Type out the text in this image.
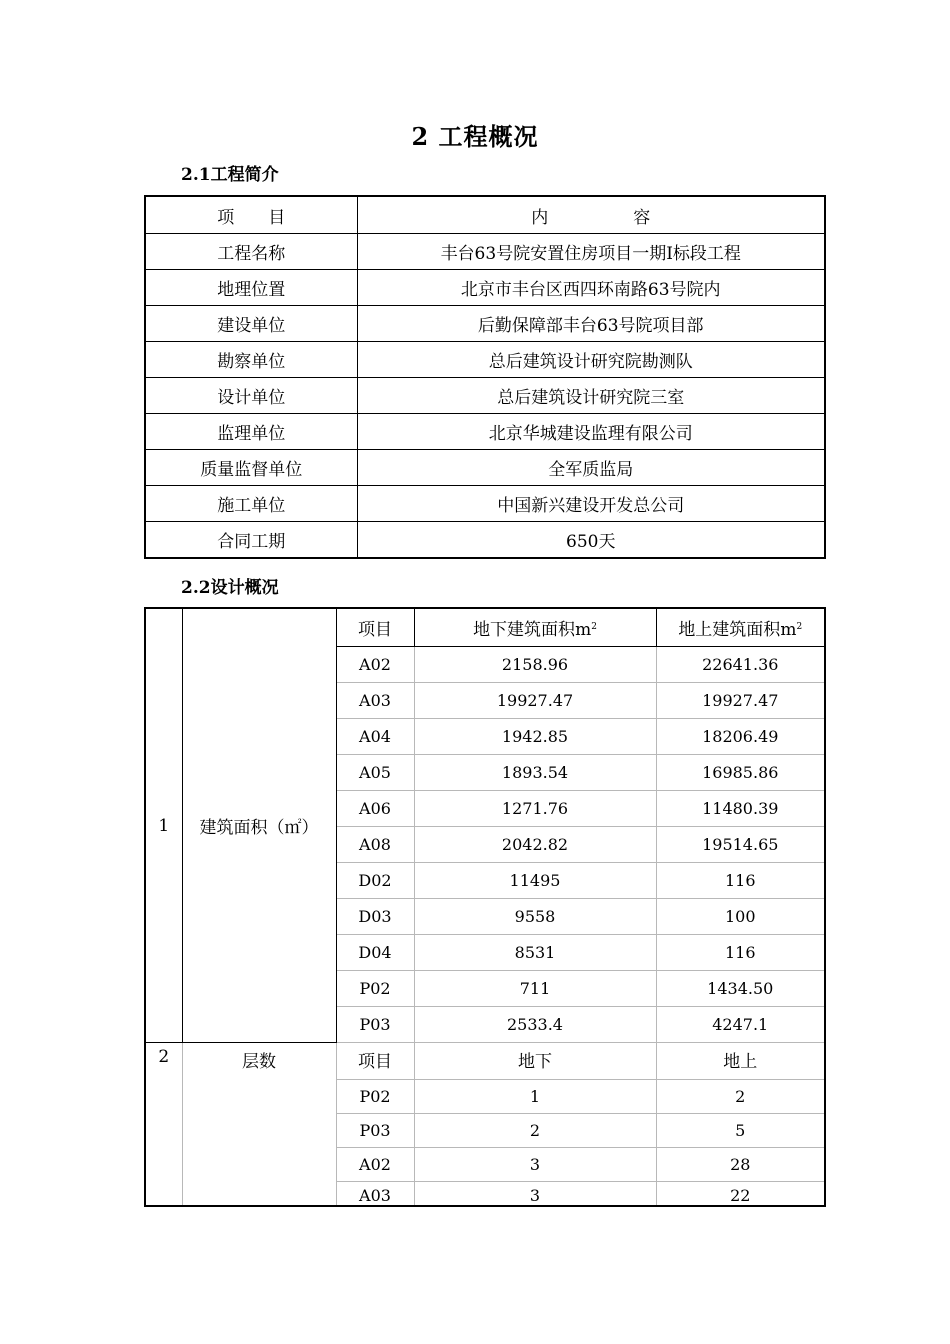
2 工程概况
2.1工程简介
项　　目	内　　　　　容
工程名称	丰台63号院安置住房项目一期Ⅰ标段工程
地理位置	北京市丰台区西四环南路63号院内
建设单位	后勤保障部丰台63号院项目部
勘察单位	总后建筑设计研究院勘测队
设计单位	总后建筑设计研究院三室
监理单位	北京华城建设监理有限公司
质量监督单位	全军质监局
施工单位	中国新兴建设开发总公司
合同工期	650天
2.2设计概况
1	建筑面积（㎡）	项目	地下建筑面积$m^2$	地上建筑面积$m^2$
		A02	2158.96	22641.36
		A03	19927.47	19927.47
		A04	1942.85	18206.49
		A05	1893.54	16985.86
		A06	1271.76	11480.39
		A08	2042.82	19514.65
		D02	11495	116
		D03	9558	100
		D04	8531	116
		P02	711	1434.50
		P03	2533.4	4247.1
2	层数	项目	地下	地上
		P02	1	2
		P03	2	5
		A02	3	28
		A03	3	22
